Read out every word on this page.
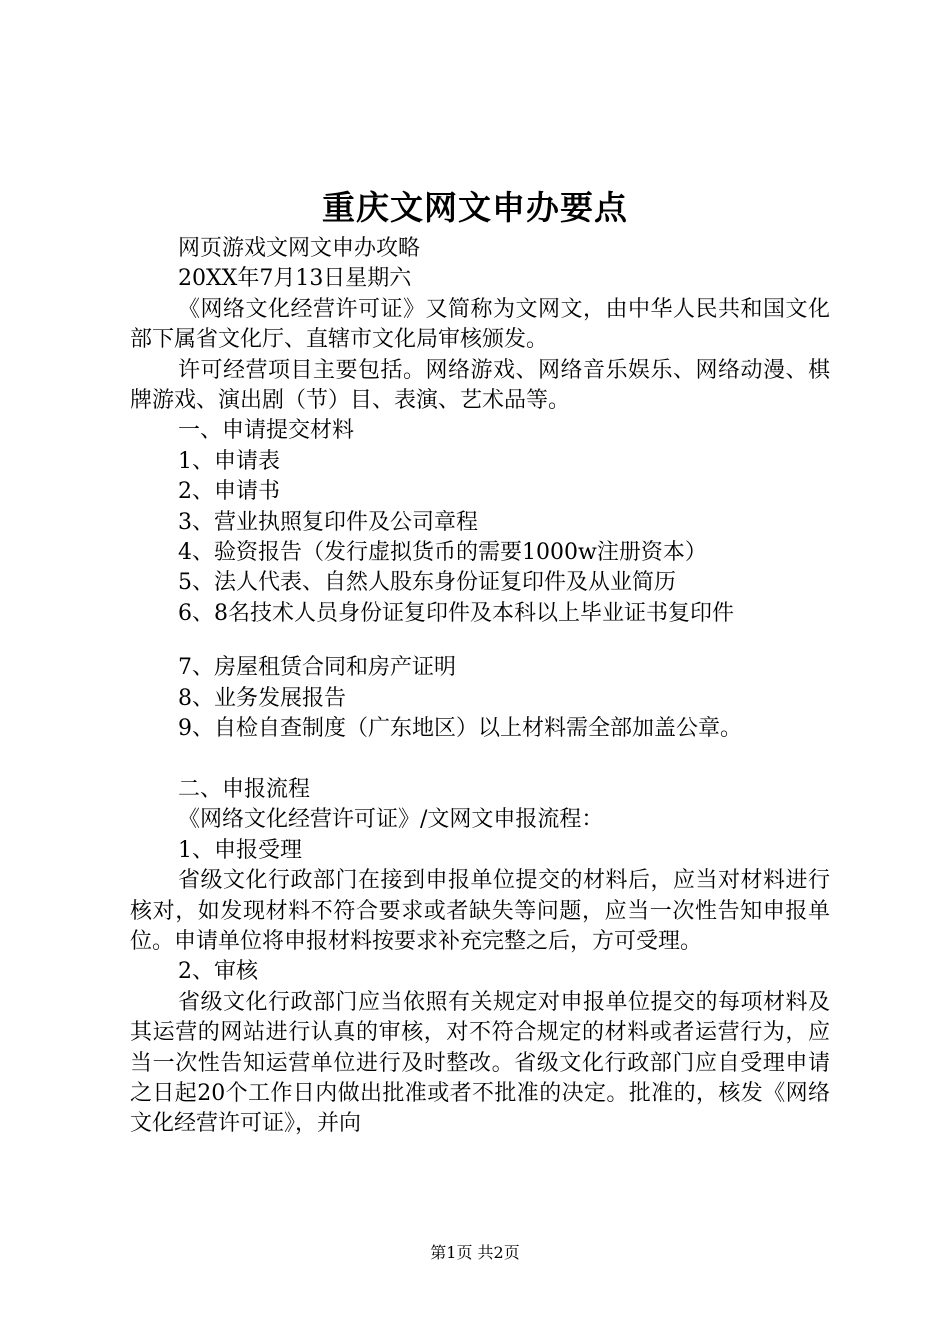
重庆文网文申办要点

网页游戏文网文申办攻略

20XX年7月13日星期六

《网络文化经营许可证》又简称为文网文，由中华人民共和国文化部下属省文化厅、直辖市文化局审核颁发。

许可经营项目主要包括。网络游戏、网络音乐娱乐、网络动漫、棋牌游戏、演出剧（节）目、表演、艺术品等。

一、申请提交材料

1、申请表

2、申请书

3、营业执照复印件及公司章程

4、验资报告（发行虚拟货币的需要1000w注册资本）

5、法人代表、自然人股东身份证复印件及从业简历

6、8名技术人员身份证复印件及本科以上毕业证书复印件

7、房屋租赁合同和房产证明

8、业务发展报告

9、自检自查制度（广东地区）以上材料需全部加盖公章。

二、申报流程

《网络文化经营许可证》/文网文申报流程：

1、申报受理

省级文化行政部门在接到申报单位提交的材料后，应当对材料进行核对，如发现材料不符合要求或者缺失等问题，应当一次性告知申报单位。申请单位将申报材料按要求补充完整之后，方可受理。

2、审核

省级文化行政部门应当依照有关规定对申报单位提交的每项材料及其运营的网站进行认真的审核，对不符合规定的材料或者运营行为，应当一次性告知运营单位进行及时整改。省级文化行政部门应自受理申请之日起20个工作日内做出批准或者不批准的决定。批准的，核发《网络文化经营许可证》，并向

第1页 共2页
